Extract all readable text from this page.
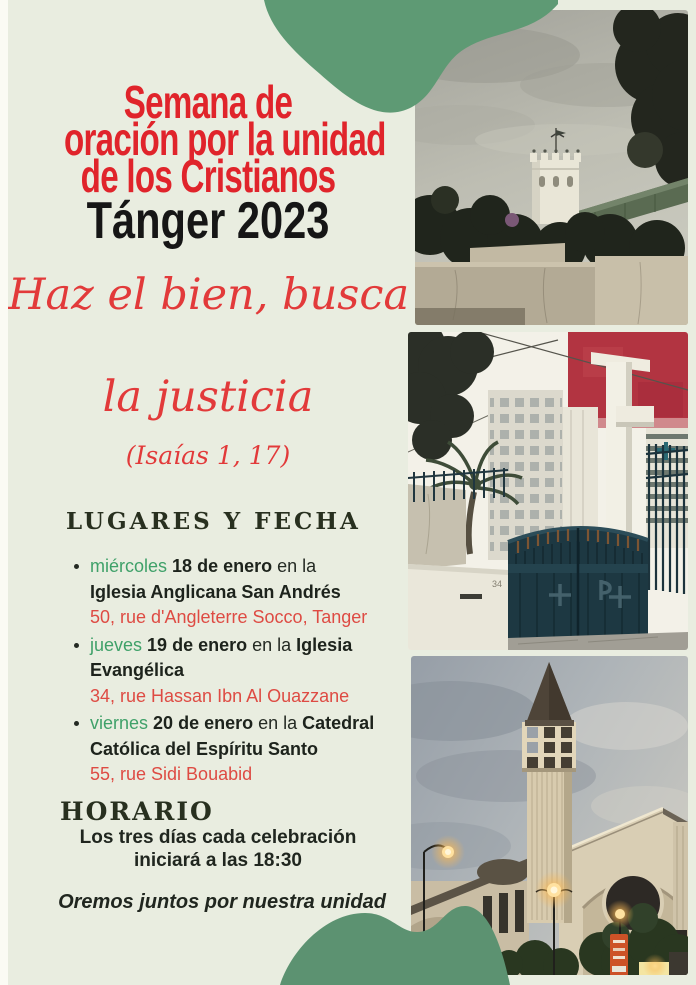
34
Semana de
oración por la unidad
de los Cristianos
Tánger 2023
Haz el bien, busca
la justicia
(Isaías 1, 17)
LUGARES Y FECHA

miércoles 18 de enero en la
Iglesia Anglicana San Andrés
50, rue d'Angleterre Socco, Tanger

jueves 19 de enero en la Iglesia Evangélica
34, rue Hassan Ibn Al Ouazzane

viernes 20 de enero en la Catedral Católica del Espíritu Santo
55, rue Sidi Bouabid

HORARIO
Los tres días cada celebración
iniciará a las 18:30
Oremos juntos por nuestra unidad
